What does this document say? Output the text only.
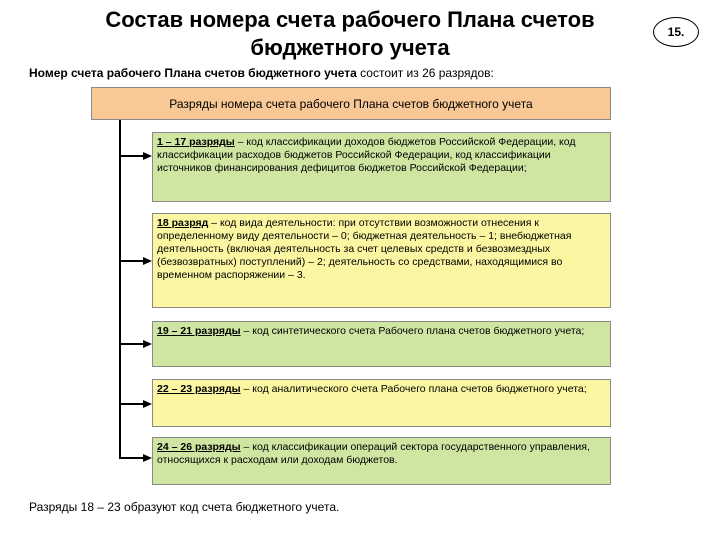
Состав номера счета рабочего Плана счетов бюджетного учета
15.
Номер счета рабочего Плана счетов бюджетного учета состоит из 26 разрядов:
Разряды номера счета рабочего Плана счетов бюджетного учета
1 – 17 разряды – код классификации доходов бюджетов Российской Федерации, код классификации расходов бюджетов Российской Федерации, код классификации источников финансирования дефицитов бюджетов Российской Федерации;
18 разряд – код вида деятельности: при отсутствии возможности отнесения к определенному виду деятельности – 0; бюджетная деятельность – 1; внебюджетная деятельность (включая деятельность за счет целевых средств и безвозмездных (безвозвратных) поступлений) – 2; деятельность со средствами, находящимися во временном распоряжении – 3.
19 – 21 разряды – код синтетического счета Рабочего плана счетов бюджетного учета;
22 – 23 разряды – код аналитического счета Рабочего плана счетов бюджетного учета;
24 – 26 разряды – код классификации операций сектора государственного управления, относящихся к расходам или доходам бюджетов.
Разряды 18 – 23 образуют код счета бюджетного учета.
